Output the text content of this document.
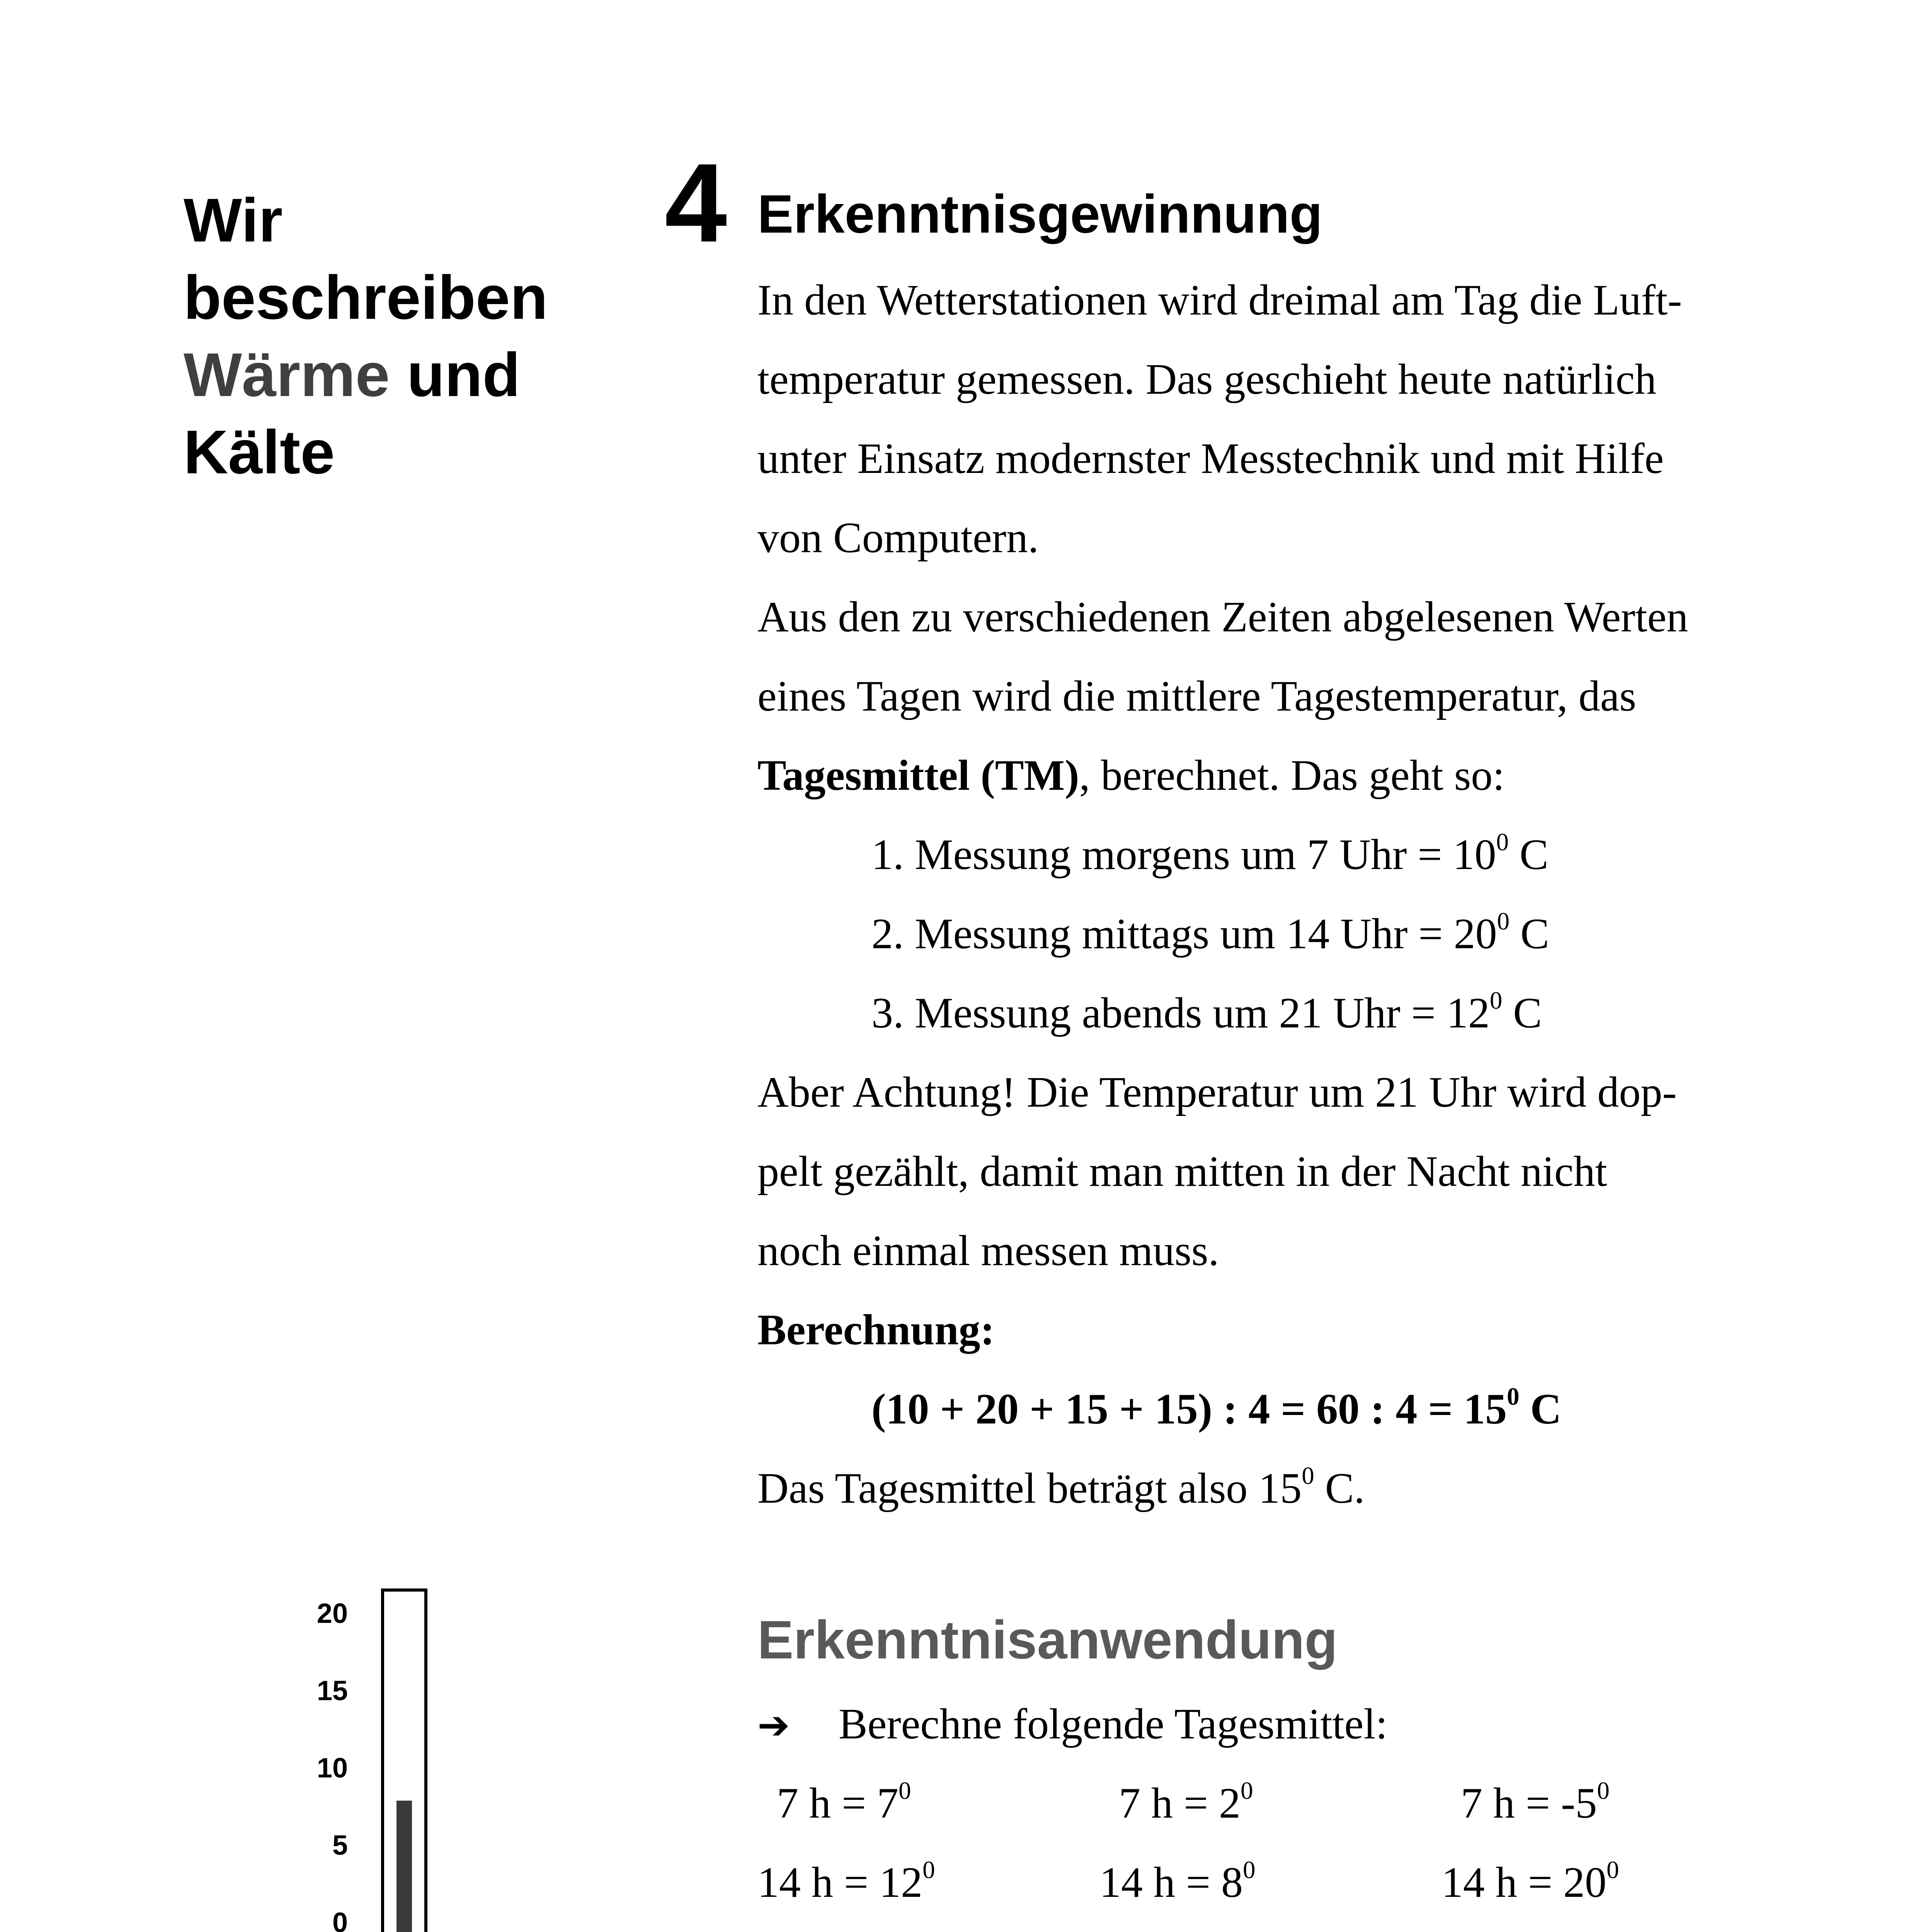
Wir
beschreiben
Wärme und
Kälte
4 Erkenntnisgewinnung
In den Wetterstationen wird dreimal am Tag die Luft-
temperatur gemessen. Das geschieht heute natürlich
unter Einsatz modernster Messtechnik und mit Hilfe
von Computern.
Aus den zu verschiedenen Zeiten abgelesenen Werten
eines Tagen wird die mittlere Tagestemperatur, das
Tagesmittel (TM), berechnet. Das geht so:
1. Messung morgens um 7 Uhr = $10^0$ C
2. Messung mittags um 14 Uhr = $20^0$ C
3. Messung abends um 21 Uhr = $12^0$ C
Aber Achtung! Die Temperatur um 21 Uhr wird dop-
pelt gezählt, damit man mitten in der Nacht nicht
noch einmal messen muss.
Berechnung:
(10 + 20 + 15 + 15) : 4 = 60 : $4 = 15^0$ C
Das Tagesmittel beträgt also $15^0$ C.
Erkenntnisanwendung
➔ Berechne folgende Tagesmittel:
7 $h = 7^0$
14 $h = 12^0$
7 $h = 2^0$
14 $h = 8^0$
7 $h = -5^0$
14 $h = 20^0$
20
15
10
5
0
